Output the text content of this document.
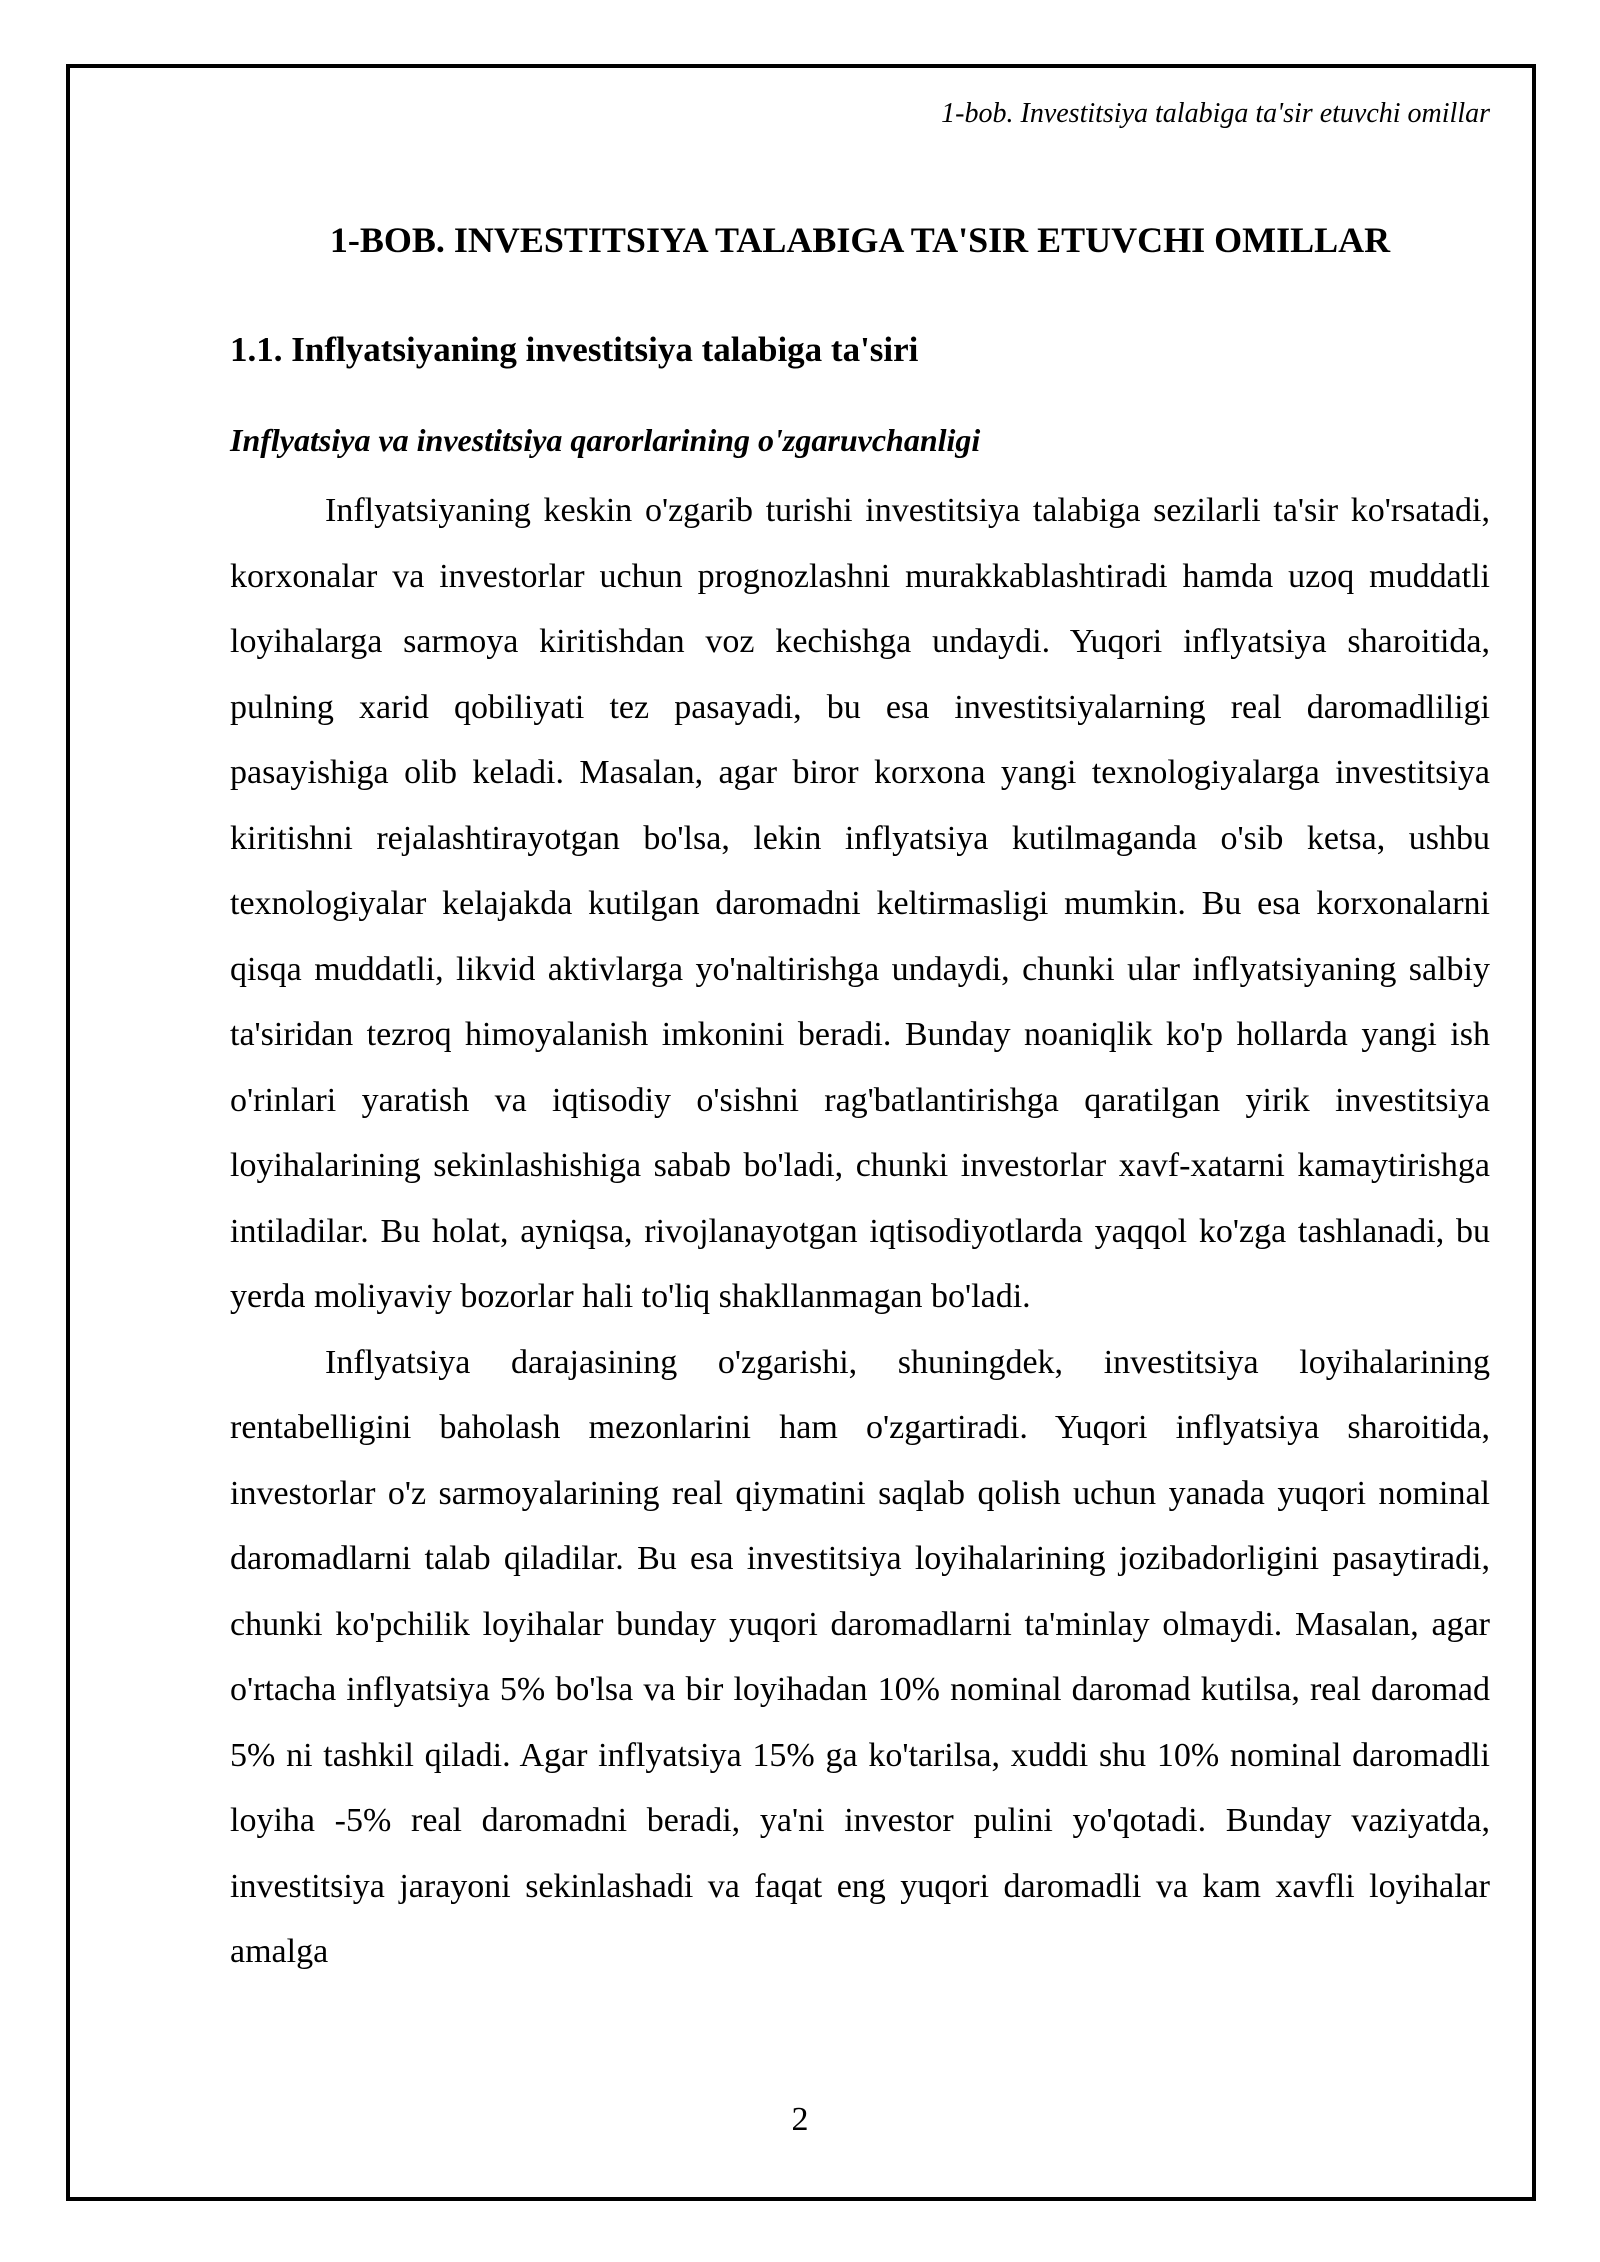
1-bob. Investitsiya talabiga ta'sir etuvchi omillar
1-BOB. INVESTITSIYA TALABIGA TA'SIR ETUVCHI OMILLAR
1.1. Inflyatsiyaning investitsiya talabiga ta'siri
Inflyatsiya va investitsiya qarorlarining o'zgaruvchanligi

Inflyatsiyaning keskin o'zgarib turishi investitsiya talabiga sezilarli ta'sir ko'rsatadi, korxonalar va investorlar uchun prognozlashni murakkablashtiradi hamda uzoq muddatli loyihalarga sarmoya kiritishdan voz kechishga undaydi. Yuqori inflyatsiya sharoitida, pulning xarid qobiliyati tez pasayadi, bu esa investitsiyalarning real daromadliligi pasayishiga olib keladi. Masalan, agar biror korxona yangi texnologiyalarga investitsiya kiritishni rejalashtirayotgan bo'lsa, lekin inflyatsiya kutilmaganda o'sib ketsa, ushbu texnologiyalar kelajakda kutilgan daromadni keltirmasligi mumkin. Bu esa korxonalarni qisqa muddatli, likvid aktivlarga yo'naltirishga undaydi, chunki ular inflyatsiyaning salbiy ta'siridan tezroq himoyalanish imkonini beradi. Bunday noaniqlik ko'p hollarda yangi ish o'rinlari yaratish va iqtisodiy o'sishni rag'batlantirishga qaratilgan yirik investitsiya loyihalarining sekinlashishiga sabab bo'ladi, chunki investorlar xavf-xatarni kamaytirishga intiladilar. Bu holat, ayniqsa, rivojlanayotgan iqtisodiyotlarda yaqqol ko'zga tashlanadi, bu yerda moliyaviy bozorlar hali to'liq shakllanmagan bo'ladi.

Inflyatsiya darajasining o'zgarishi, shuningdek, investitsiya loyihalarining rentabelligini baholash mezonlarini ham o'zgartiradi. Yuqori inflyatsiya sharoitida, investorlar o'z sarmoyalarining real qiymatini saqlab qolish uchun yanada yuqori nominal daromadlarni talab qiladilar. Bu esa investitsiya loyihalarining jozibadorligini pasaytiradi, chunki ko'pchilik loyihalar bunday yuqori daromadlarni ta'minlay olmaydi. Masalan, agar o'rtacha inflyatsiya 5% bo'lsa va bir loyihadan 10% nominal daromad kutilsa, real daromad 5% ni tashkil qiladi. Agar inflyatsiya 15% ga ko'tarilsa, xuddi shu 10% nominal daromadli loyiha -5% real daromadni beradi, ya'ni investor pulini yo'qotadi. Bunday vaziyatda, investitsiya jarayoni sekinlashadi va faqat eng yuqori daromadli va kam xavfli loyihalar amalga

2
